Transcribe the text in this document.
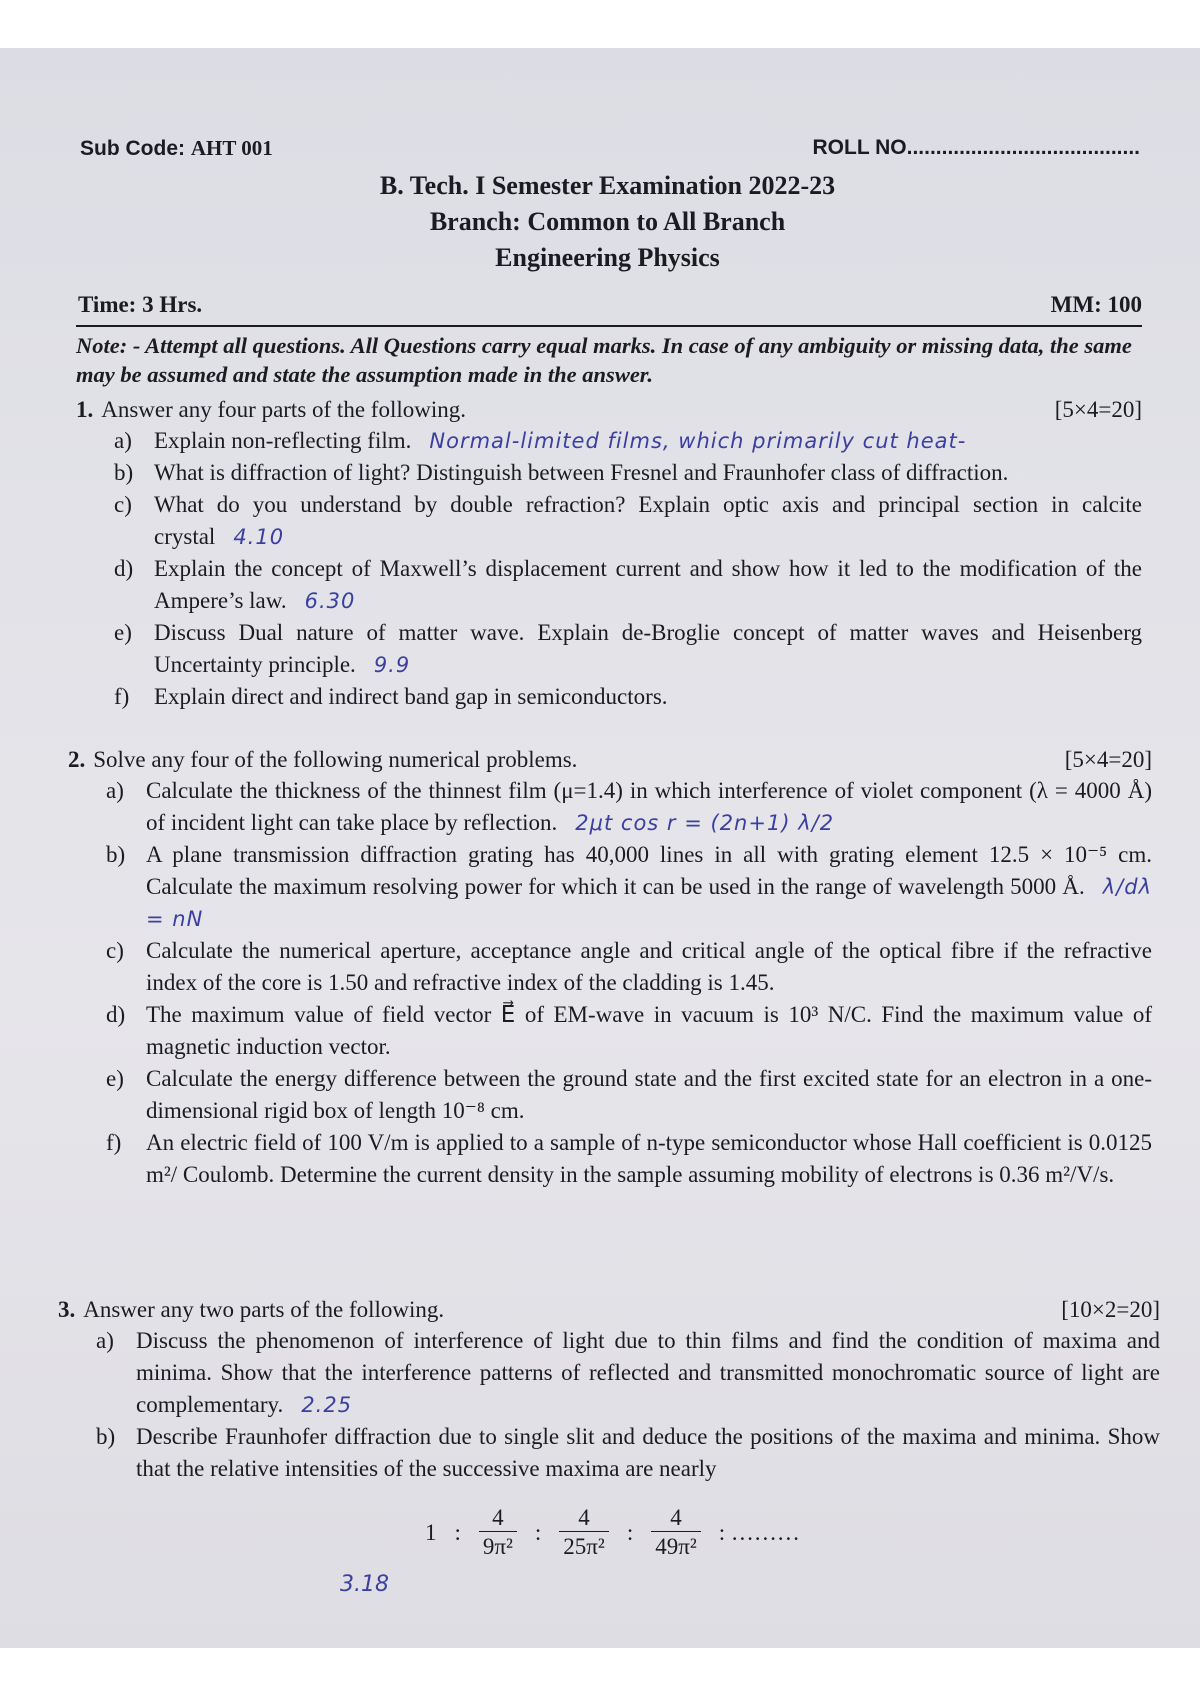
Sub Code: AHT 001	ROLL NO........................................
B. Tech. I Semester Examination 2022-23
Branch: Common to All Branch
Engineering Physics
Time: 3 Hrs.	MM: 100
Note: - Attempt all questions. All Questions carry equal marks. In case of any ambiguity or missing data, the same may be assumed and state the assumption made in the answer.
1. Answer any four parts of the following.	[5×4=20]
a) Explain non-reflecting film. Normal-limited films, which primarily cut heat-
b) What is diffraction of light? Distinguish between Fresnel and Fraunhofer class of diffraction.
c) What do you understand by double refraction? Explain optic axis and principal section in calcite crystal 4.10
d) Explain the concept of Maxwell’s displacement current and show how it led to the modification of the Ampere’s law. 6.30
e) Discuss Dual nature of matter wave. Explain de-Broglie concept of matter waves and Heisenberg Uncertainty principle. 9.9
f) Explain direct and indirect band gap in semiconductors.
2. Solve any four of the following numerical problems.	[5×4=20]
a) Calculate the thickness of the thinnest film (μ=1.4) in which interference of violet component (λ = 4000 Å) of incident light can take place by reflection. 2μt cos r = (2n+1) λ/2
b) A plane transmission diffraction grating has 40,000 lines in all with grating element 12.5 × 10⁻⁵ cm. Calculate the maximum resolving power for which it can be used in the range of wavelength 5000 Å. λ/dλ = nN
c) Calculate the numerical aperture, acceptance angle and critical angle of the optical fibre if the refractive index of the core is 1.50 and refractive index of the cladding is 1.45.
d) The maximum value of field vector E⃗ of EM-wave in vacuum is 10³ N/C. Find the maximum value of magnetic induction vector.
e) Calculate the energy difference between the ground state and the first excited state for an electron in a one-dimensional rigid box of length 10⁻⁸ cm.
f) An electric field of 100 V/m is applied to a sample of n-type semiconductor whose Hall coefficient is 0.0125 m²/ Coulomb. Determine the current density in the sample assuming mobility of electrons is 0.36 m²/V/s.
3. Answer any two parts of the following.	[10×2=20]
a) Discuss the phenomenon of interference of light due to thin films and find the condition of maxima and minima. Show that the interference patterns of reflected and transmitted monochromatic source of light are complementary. 2.25
b) Describe Fraunhofer diffraction due to single slit and deduce the positions of the maxima and minima. Show that the relative intensities of the successive maxima are nearly
1 : $\frac{4}{\text{9π²}}$ : $\frac{4}{\text{25π²}}$ : $\frac{4}{\text{49π²}}$ : ………
3.18
